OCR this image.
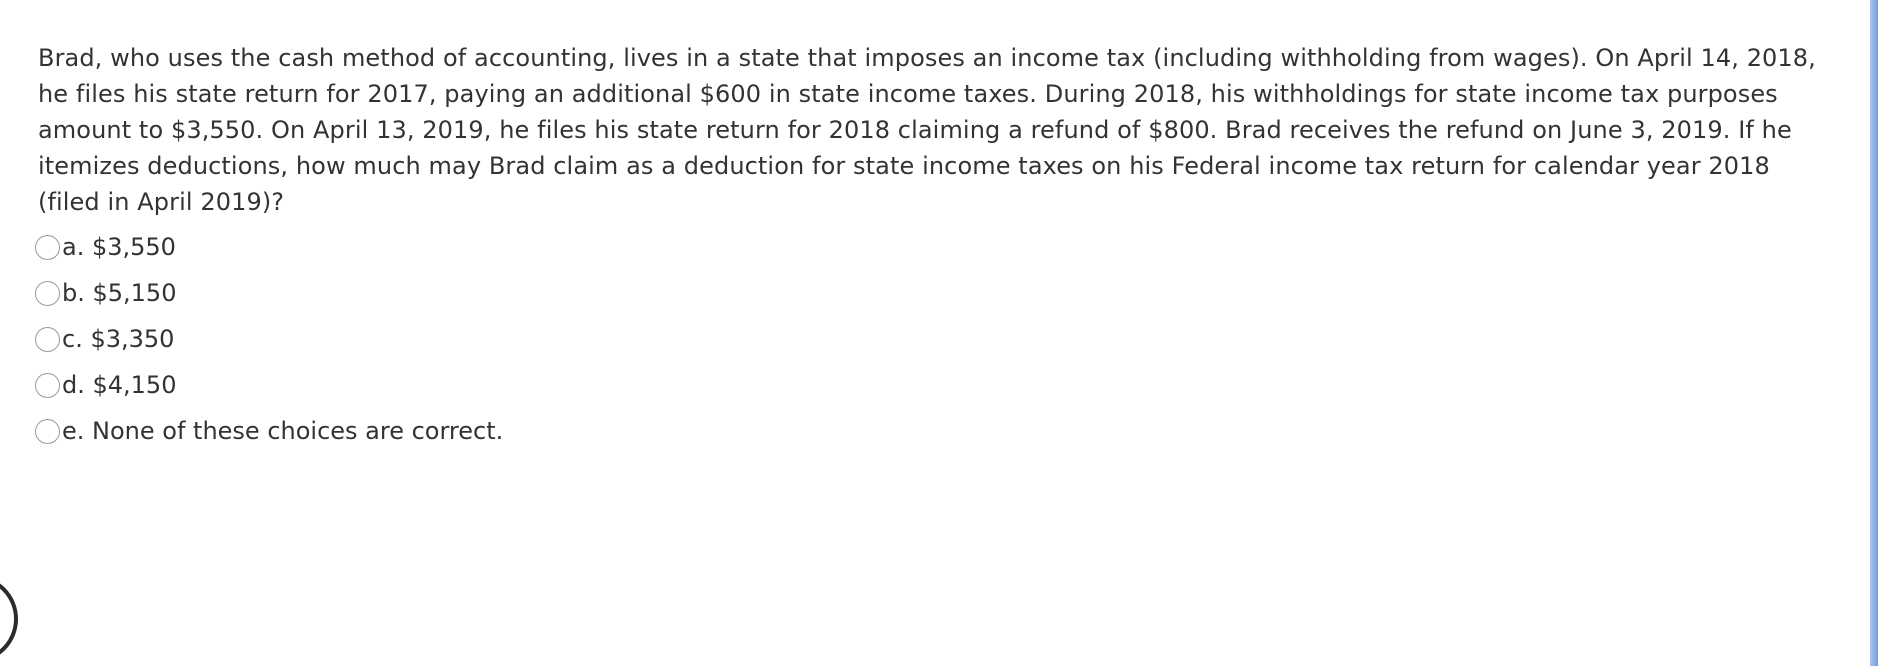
Brad, who uses the cash method of accounting, lives in a state that imposes an income tax (including withholding from wages). On April 14, 2018, he files his state return for 2017, paying an additional $600 in state income taxes. During 2018, his withholdings for state income tax purposes amount to $3,550. On April 13, 2019, he files his state return for 2018 claiming a refund of $800. Brad receives the refund on June 3, 2019. If he itemizes deductions, how much may Brad claim as a deduction for state income taxes on his Federal income tax return for calendar year 2018 (filed in April 2019)?

a. $3,550
b. $5,150
c. $3,350
d. $4,150
e. None of these choices are correct.
